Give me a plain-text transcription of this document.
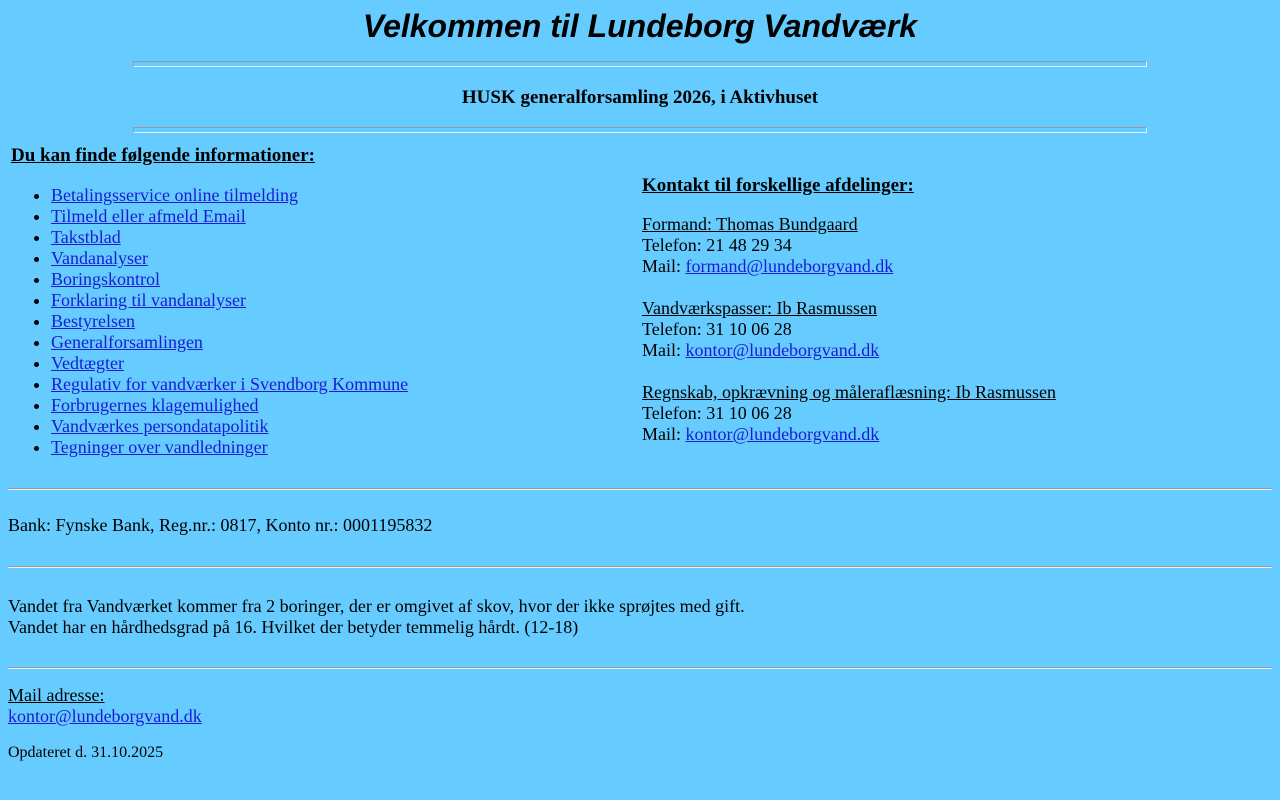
Velkommen til Lundeborg Vandværk

HUSK generalforsamling 2026, i Aktivhuset

Du kan finde følgende informationer:

• Betalingsservice online tilmelding
• Tilmeld eller afmeld Email
• Takstblad
• Vandanalyser
• Boringskontrol
• Forklaring til vandanalyser
• Bestyrelsen
• Generalforsamlingen
• Vedtægter
• Regulativ for vandværker i Svendborg Kommune
• Forbrugernes klagemulighed
• Vandværkes persondatapolitik
• Tegninger over vandledninger

Kontakt til forskellige afdelinger:

Formand: Thomas Bundgaard
Telefon: 21 48 29 34
Mail: formand@lundeborgvand.dk
Vandværkspasser: Ib Rasmussen
Telefon: 31 10 06 28
Mail: kontor@lundeborgvand.dk
Regnskab, opkrævning og måleraflæsning: Ib Rasmussen
Telefon: 31 10 06 28
Mail: kontor@lundeborgvand.dk

Bank: Fynske Bank, Reg.nr.: 0817, Konto nr.: 0001195832

Vandet fra Vandværket kommer fra 2 boringer, der er omgivet af skov, hvor der ikke sprøjtes med gift.
Vandet har en hårdhedsgrad på 16. Hvilket der betyder temmelig hårdt. (12-18)
Mail adresse:
kontor@lundeborgvand.dk

Opdateret d. 31.10.2025
